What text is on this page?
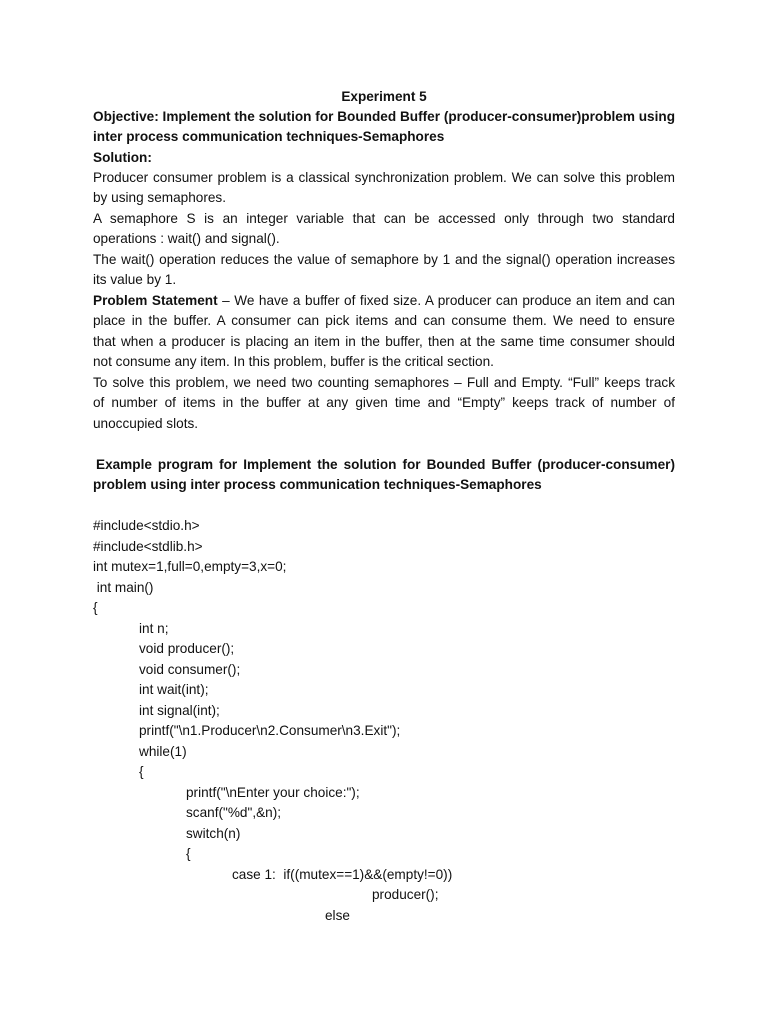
Experiment 5
Objective: Implement the solution for Bounded Buffer (producer-consumer)problem using
inter process communication techniques-Semaphores
Solution:
Producer consumer problem is a classical synchronization problem. We can solve this problem
by using semaphores.
A semaphore S is an integer variable that can be accessed only through two standard
operations : wait() and signal().
The wait() operation reduces the value of semaphore by 1 and the signal() operation increases
its value by 1.
Problem Statement – We have a buffer of fixed size. A producer can produce an item and can
place in the buffer. A consumer can pick items and can consume them. We need to ensure
that when a producer is placing an item in the buffer, then at the same time consumer should
not consume any item. In this problem, buffer is the critical section.
To solve this problem, we need two counting semaphores – Full and Empty. “Full” keeps track
of number of items in the buffer at any given time and “Empty” keeps track of number of
unoccupied slots.
Example program for Implement the solution for Bounded Buffer (producer-consumer)
problem using inter process communication techniques-Semaphores
#include<stdio.h>
#include<stdlib.h>
int mutex=1,full=0,empty=3,x=0;
int main()
{
int n;
void producer();
void consumer();
int wait(int);
int signal(int);
printf("\n1.Producer\n2.Consumer\n3.Exit");
while(1)
{
printf("\nEnter your choice:");
scanf("%d",&n);
switch(n)
{
case 1:  if((mutex==1)&&(empty!=0))
producer();
else
